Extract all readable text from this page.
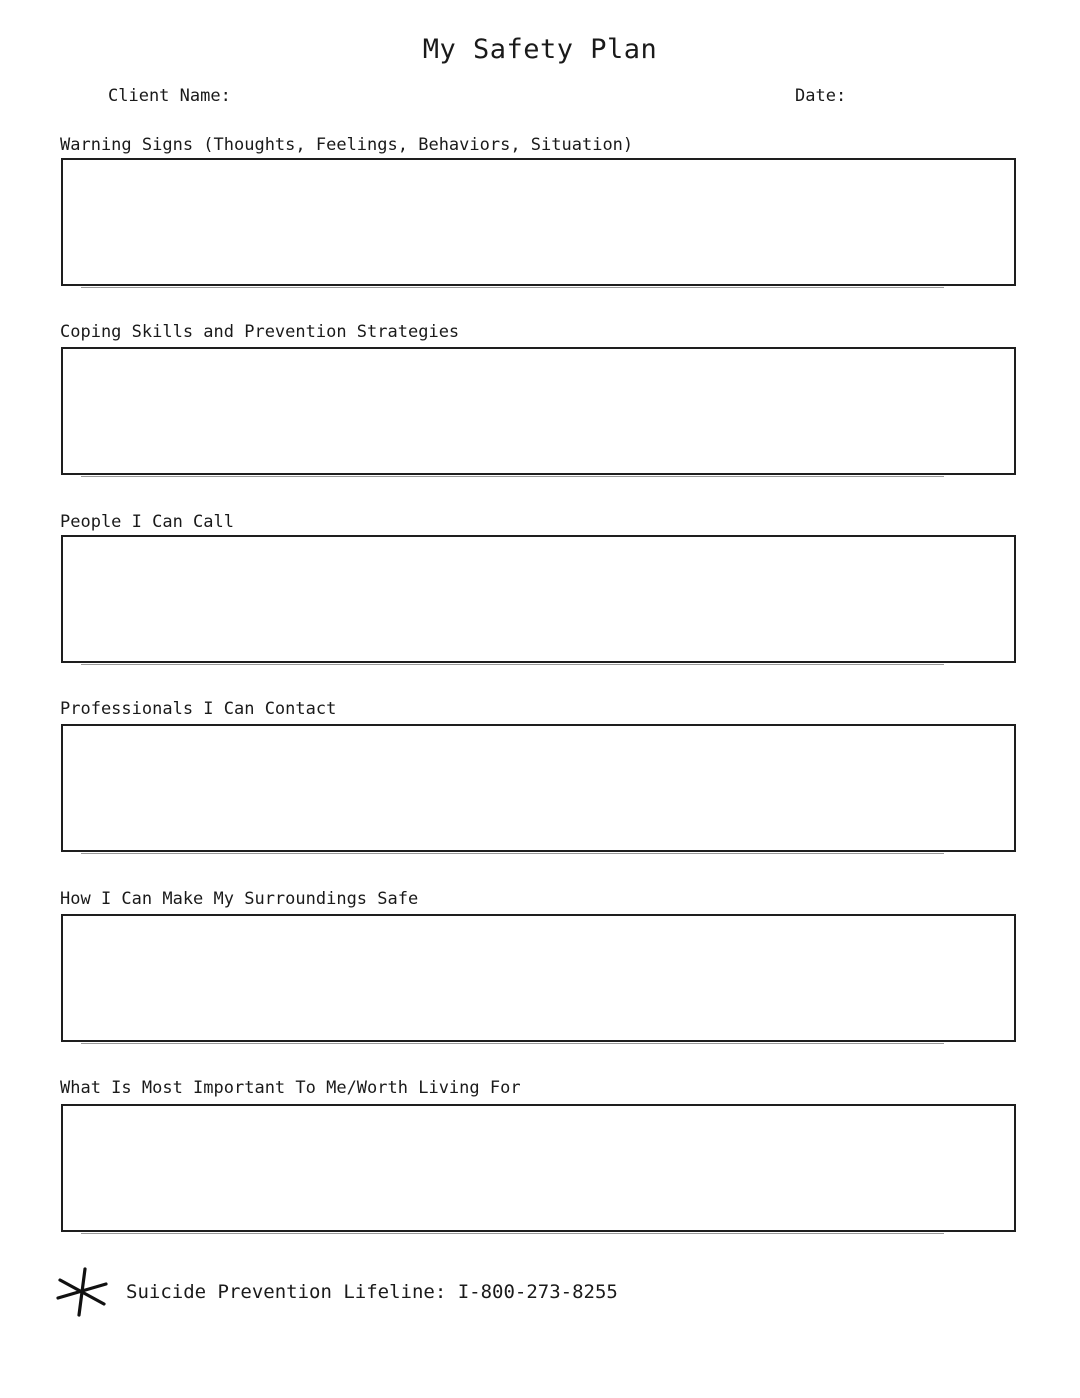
My Safety Plan
Client Name:	Date:
Warning Signs (Thoughts, Feelings, Behaviors, Situation)
Coping Skills and Prevention Strategies
People I Can Call
Professionals I Can Contact
How I Can Make My Surroundings Safe
What Is Most Important To Me/Worth Living For
Suicide Prevention Lifeline: I-800-273-8255
